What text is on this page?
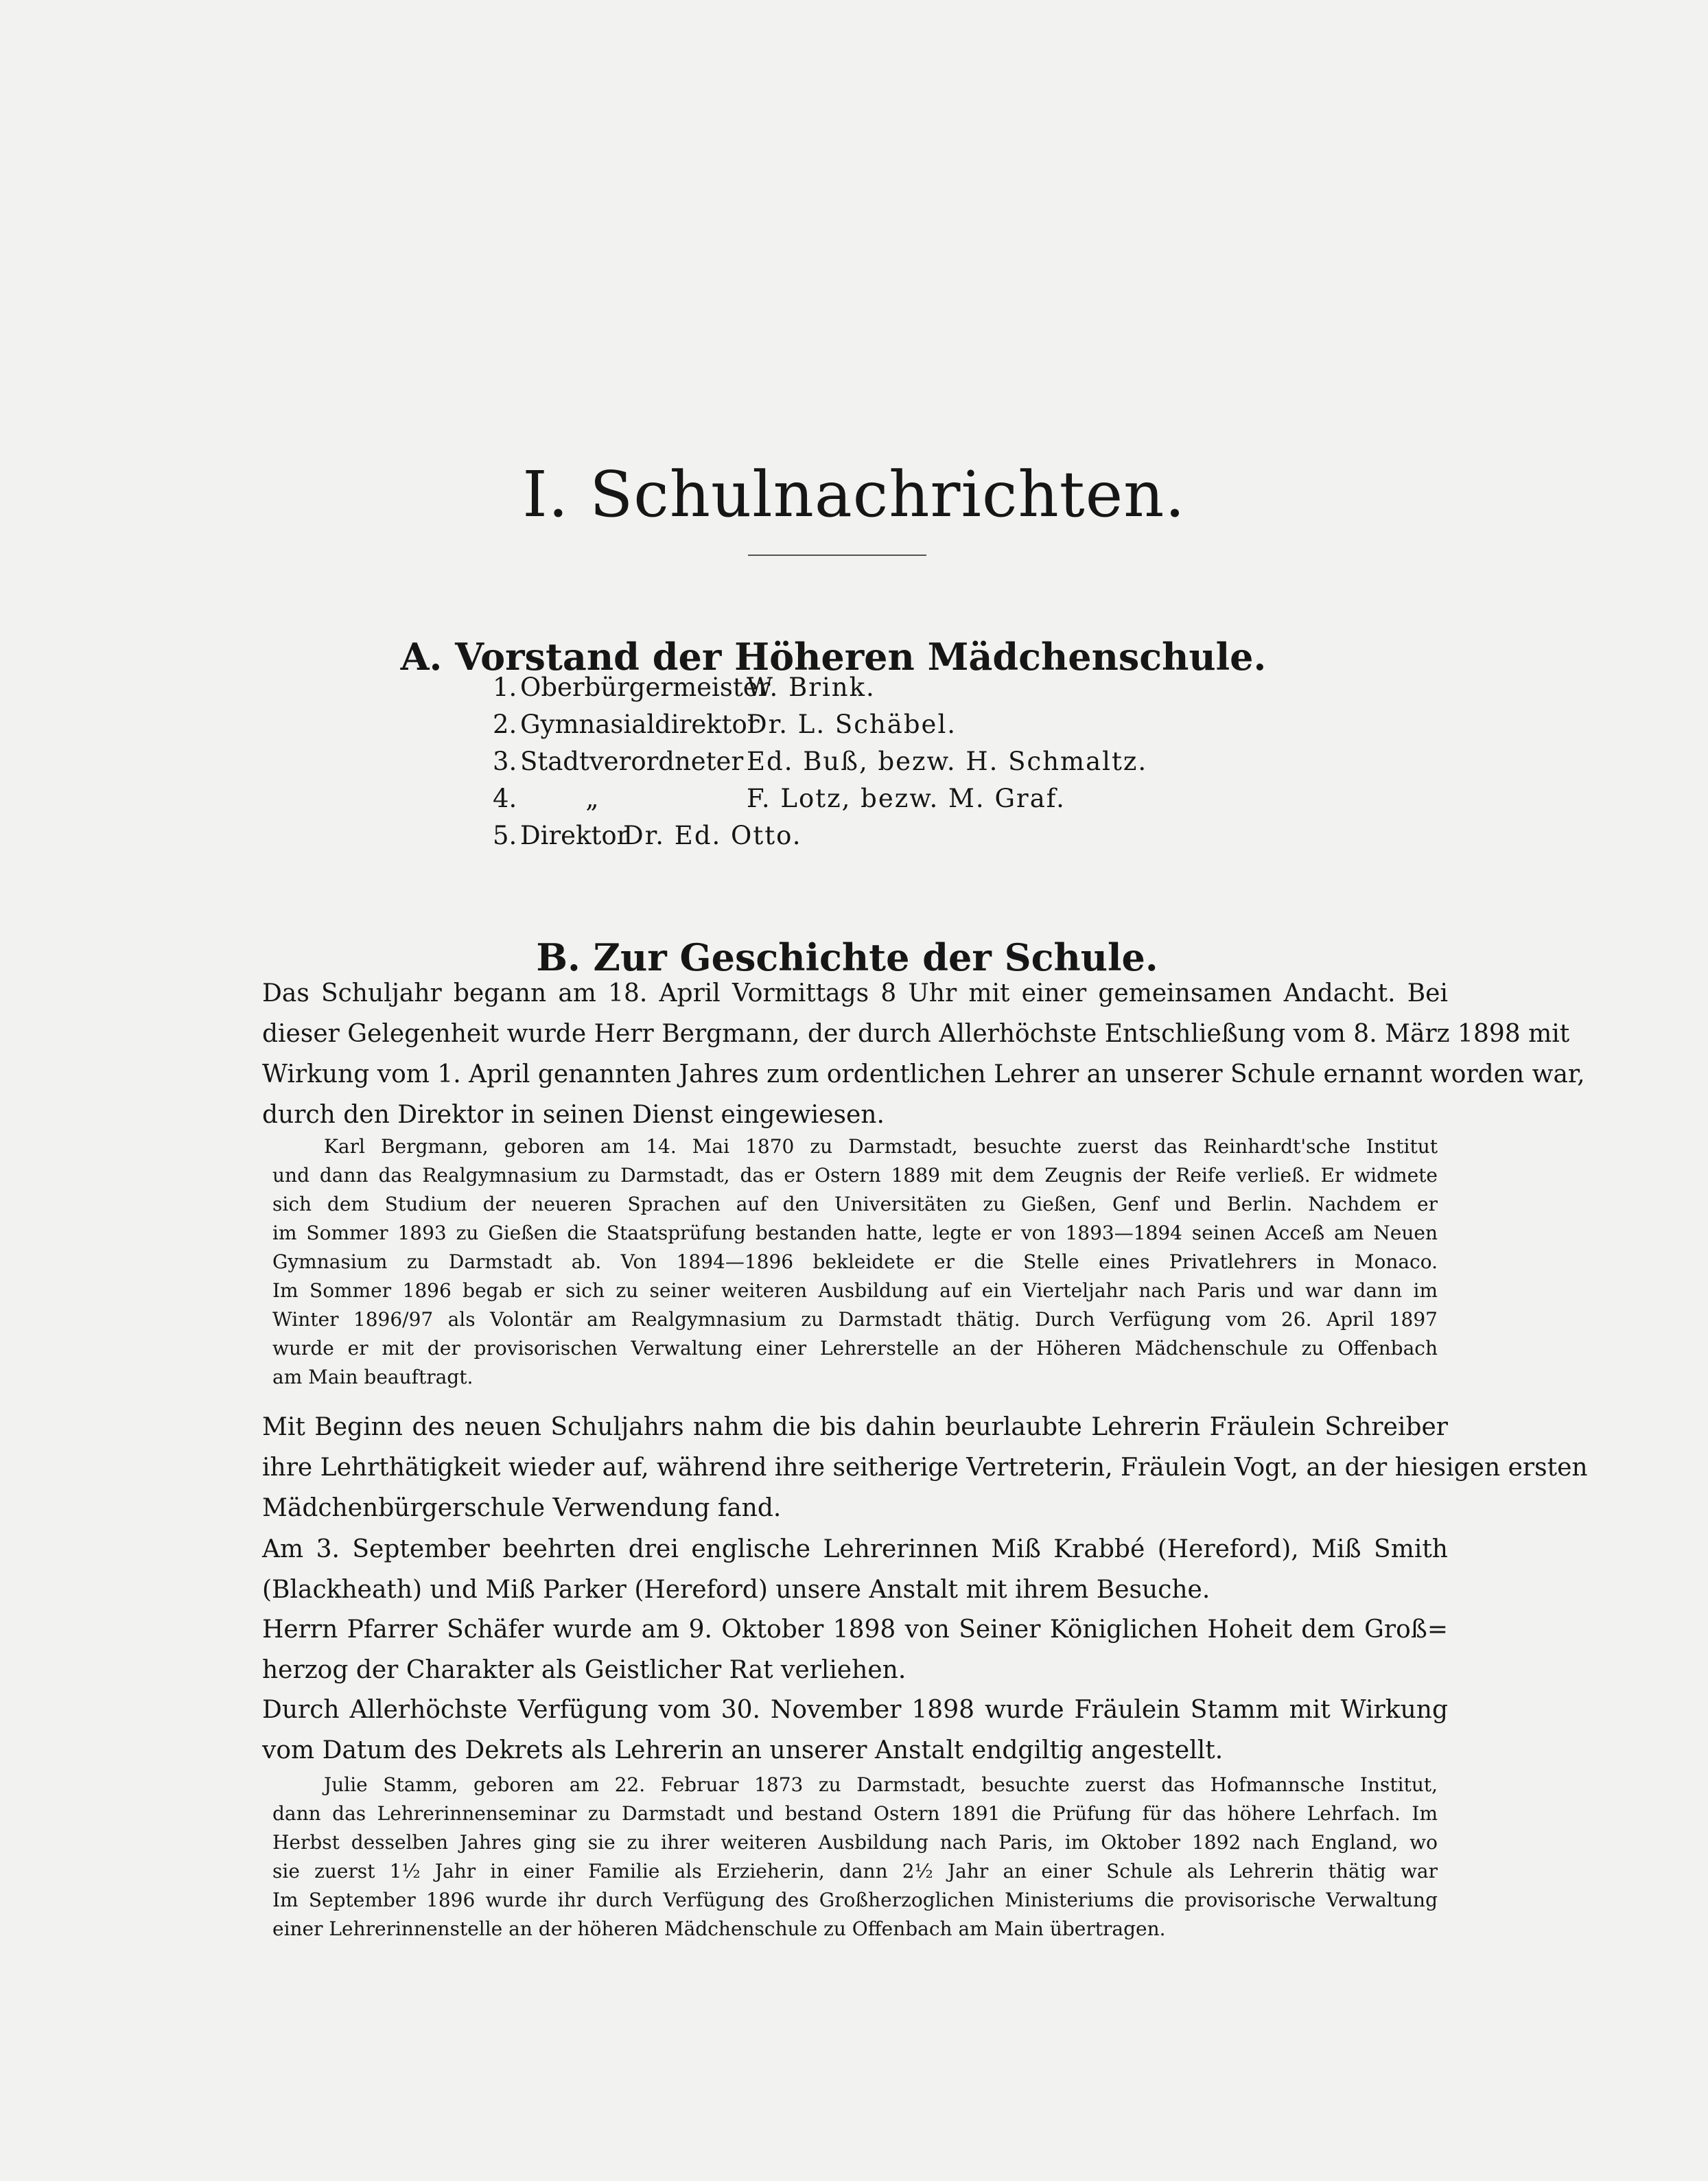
I. Schulnachrichten.
A. Vorstand der Höheren Mädchenschule.
1. Oberbürgermeister
W. Brink.
2. Gymnasialdirektor
Dr. L. Schäbel.
3. Stadtverordneter Ed. Buß, bezw. H. Schmaltz.
4.	„	F. Lotz, bezw. M. Graf.
5. Direktor
Dr. Ed. Otto.
B. Zur Geschichte der Schule.

Das Schuljahr begann am 18. April Vormittags 8 Uhr mit einer gemeinsamen Andacht. Bei
dieser Gelegenheit wurde Herr Bergmann, der durch Allerhöchste Entschließung vom 8. März 1898 mit
Wirkung vom 1. April genannten Jahres zum ordentlichen Lehrer an unserer Schule ernannt worden war,
durch den Direktor in seinen Dienst eingewiesen.

Karl Bergmann, geboren am 14. Mai 1870 zu Darmstadt, besuchte zuerst das Reinhardt'sche Institut
und dann das Realgymnasium zu Darmstadt, das er Ostern 1889 mit dem Zeugnis der Reife verließ. Er widmete
sich dem Studium der neueren Sprachen auf den Universitäten zu Gießen, Genf und Berlin. Nachdem er
im Sommer 1893 zu Gießen die Staatsprüfung bestanden hatte, legte er von 1893—1894 seinen Acceß am Neuen
Gymnasium zu Darmstadt ab. Von 1894—1896 bekleidete er die Stelle eines Privatlehrers in Monaco.
Im Sommer 1896 begab er sich zu seiner weiteren Ausbildung auf ein Vierteljahr nach Paris und war dann im
Winter 1896/97 als Volontär am Realgymnasium zu Darmstadt thätig. Durch Verfügung vom 26. April 1897
wurde er mit der provisorischen Verwaltung einer Lehrerstelle an der Höheren Mädchenschule zu Offenbach
am Main beauftragt.

Mit Beginn des neuen Schuljahrs nahm die bis dahin beurlaubte Lehrerin Fräulein Schreiber
ihre Lehrthätigkeit wieder auf, während ihre seitherige Vertreterin, Fräulein Vogt, an der hiesigen ersten
Mädchenbürgerschule Verwendung fand.

Am 3. September beehrten drei englische Lehrerinnen Miß Krabbé (Hereford), Miß Smith
(Blackheath) und Miß Parker (Hereford) unsere Anstalt mit ihrem Besuche.

Herrn Pfarrer Schäfer wurde am 9. Oktober 1898 von Seiner Königlichen Hoheit dem Groß=
herzog der Charakter als Geistlicher Rat verliehen.

Durch Allerhöchste Verfügung vom 30. November 1898 wurde Fräulein Stamm mit Wirkung
vom Datum des Dekrets als Lehrerin an unserer Anstalt endgiltig angestellt.

Julie Stamm, geboren am 22. Februar 1873 zu Darmstadt, besuchte zuerst das Hofmannsche Institut,
dann das Lehrerinnenseminar zu Darmstadt und bestand Ostern 1891 die Prüfung für das höhere Lehrfach. Im
Herbst desselben Jahres ging sie zu ihrer weiteren Ausbildung nach Paris, im Oktober 1892 nach England, wo
sie zuerst 1½ Jahr in einer Familie als Erzieherin, dann 2½ Jahr an einer Schule als Lehrerin thätig war
Im September 1896 wurde ihr durch Verfügung des Großherzoglichen Ministeriums die provisorische Verwaltung
einer Lehrerinnenstelle an der höheren Mädchenschule zu Offenbach am Main übertragen.
